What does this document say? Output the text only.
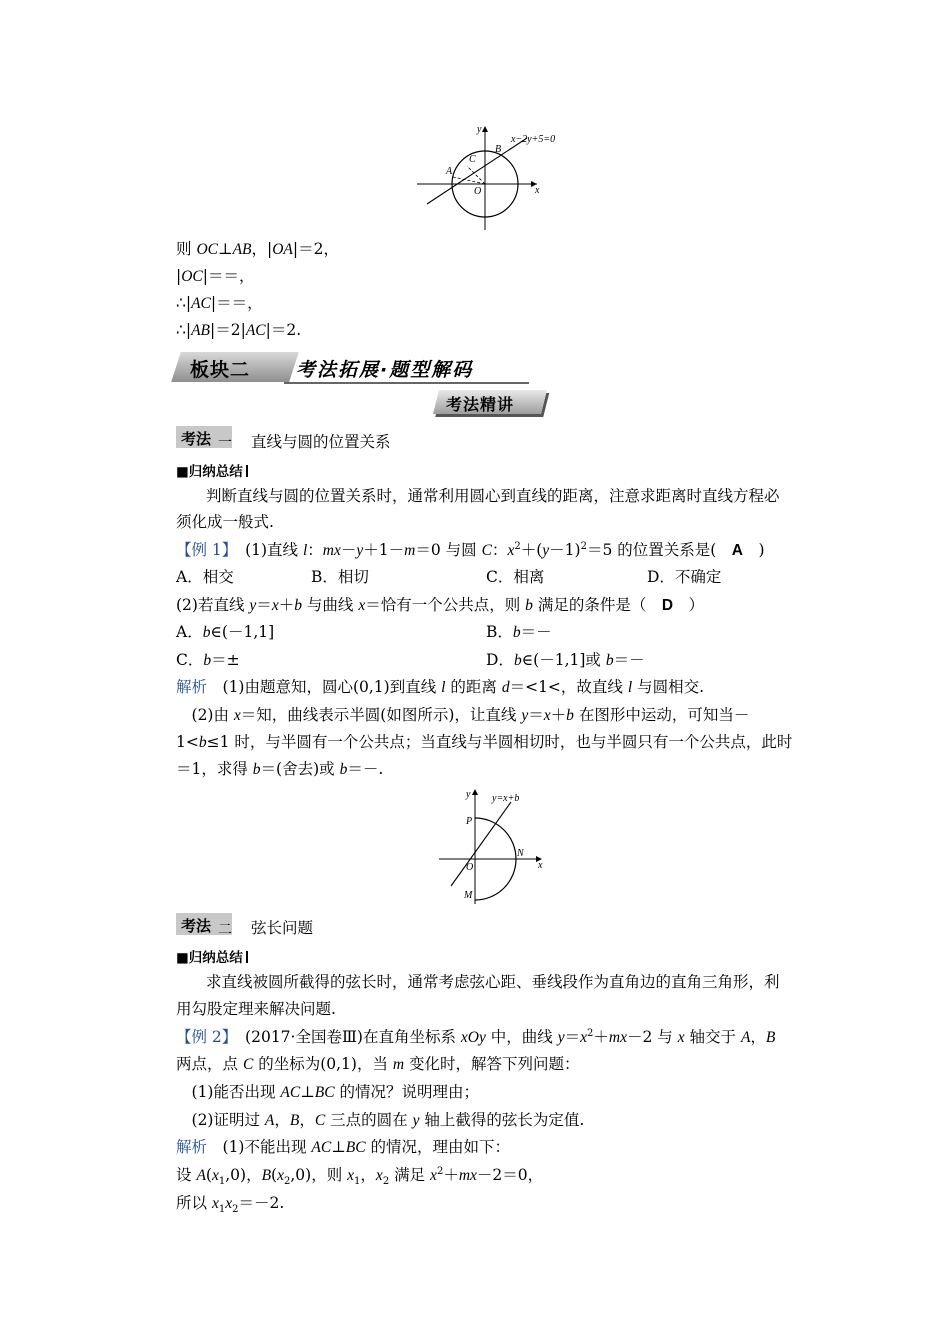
y
x
A
B
C
O
x−2y+5=0
则 OC⊥AB，|OA|＝2，
|OC|＝＝，
∴|AC|＝＝，
∴|AB|＝2|AC|＝2.
板块二 考法拓展·题型解码
考法精讲
考法 一 直线与圆的位置关系
■归纳总结
判断直线与圆的位置关系时，通常利用圆心到直线的距离，注意求距离时直线方程必
须化成一般式.
【例 1】　 (1)直线 l：mx－y＋1－m＝0 与圆 C：$x^2+(y-1)^2=5$ 的位置关系是(　A　)
A．相交	B．相切	C．相离	D．不确定
(2)若直线 y＝x＋b 与曲线 x＝恰有一个公共点，则 b 满足的条件是（　D　）
A．b∈(－1,1]	B．b＝－
C．b＝±	D．b∈(－1,1]或 b＝－
解析　(1)由题意知，圆心(0,1)到直线 l 的距离 d＝<1<，故直线 l 与圆相交.
　(2)由 x＝知，曲线表示半圆(如图所示)，让直线 y＝x＋b 在图形中运动，可知当－
1<b≤1 时，与半圆有一个公共点；当直线与半圆相切时，也与半圆只有一个公共点，此时
＝1，求得 b＝(舍去)或 b＝－.
y
x
y=x+b
P
O
N
M
考法 二 弦长问题
■归纳总结
求直线被圆所截得的弦长时，通常考虑弦心距、垂线段作为直角边的直角三角形，利
用勾股定理来解决问题.
【例 2】　(2017·全国卷Ⅲ)在直角坐标系 xOy 中，曲线 $y=x^2+mx-2$ 与 x 轴交于 A，B
两点，点 C 的坐标为(0,1)，当 m 变化时，解答下列问题：
　(1)能否出现 AC⊥BC 的情况？说明理由；
　(2)证明过 A，B，C 三点的圆在 y 轴上截得的弦长为定值.
解析　(1)不能出现 AC⊥BC 的情况，理由如下：
设 $A(x_1,0)$，$B(x_2,0)$，则 $x_1$，$x_2$ 满足 $x^2+mx-2=0$，
所以 $x_1x_2=-2$.
